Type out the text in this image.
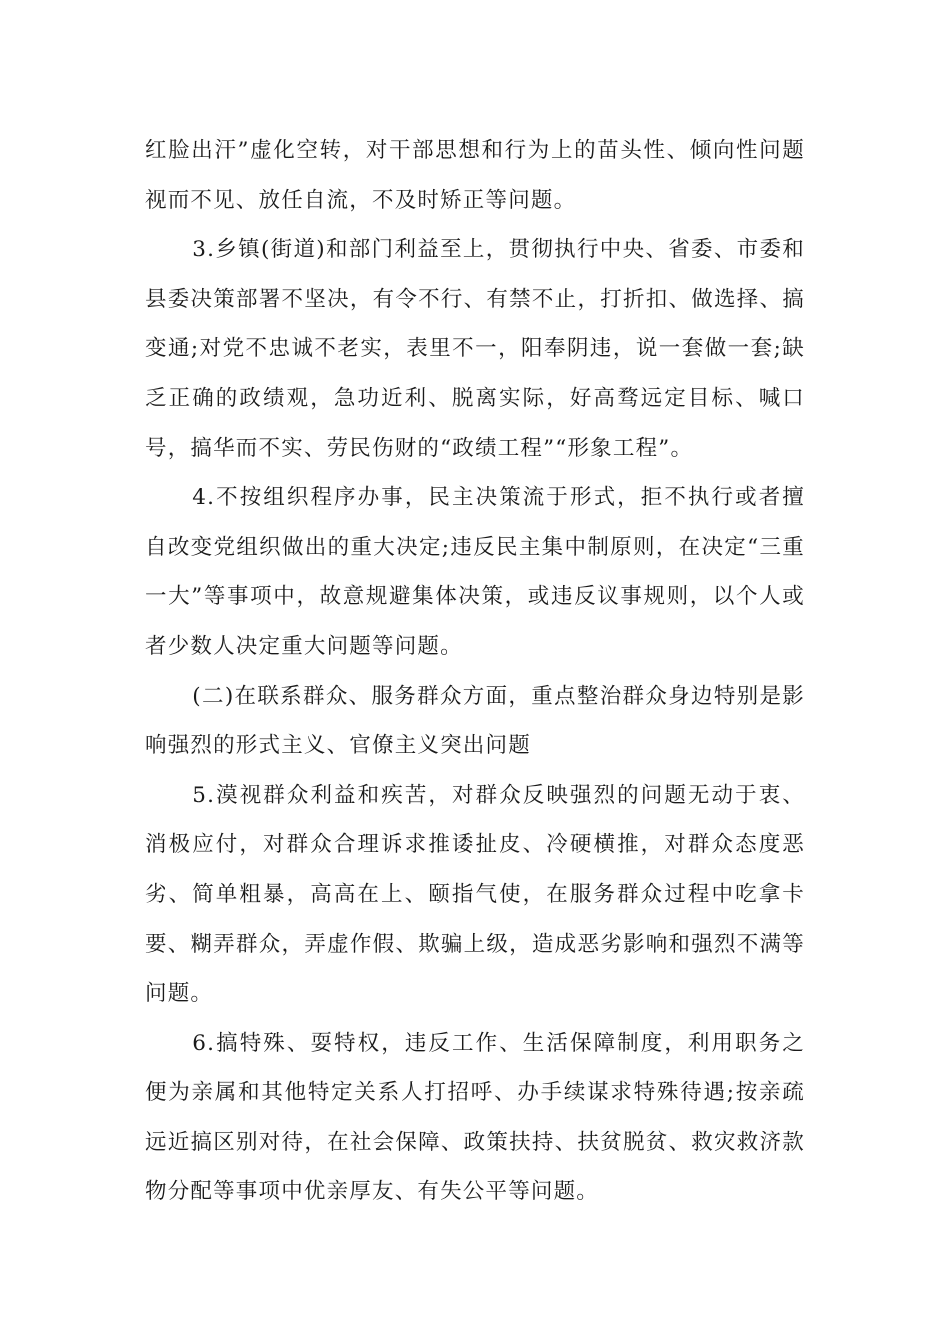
红脸出汗”虚化空转，对干部思想和行为上的苗头性、倾向性问题视而不见、放任自流，不及时矫正等问题。

3.乡镇(街道)和部门利益至上，贯彻执行中央、省委、市委和县委决策部署不坚决，有令不行、有禁不止，打折扣、做选择、搞变通;对党不忠诚不老实，表里不一，阳奉阴违，说一套做一套;缺乏正确的政绩观，急功近利、脱离实际，好高骛远定目标、喊口号，搞华而不实、劳民伤财的“政绩工程”“形象工程”。

4.不按组织程序办事，民主决策流于形式，拒不执行或者擅自改变党组织做出的重大决定;违反民主集中制原则，在决定“三重一大”等事项中，故意规避集体决策，或违反议事规则，以个人或者少数人决定重大问题等问题。

(二)在联系群众、服务群众方面，重点整治群众身边特别是影响强烈的形式主义、官僚主义突出问题

5.漠视群众利益和疾苦，对群众反映强烈的问题无动于衷、消极应付，对群众合理诉求推诿扯皮、冷硬横推，对群众态度恶劣、简单粗暴，高高在上、颐指气使，在服务群众过程中吃拿卡要、糊弄群众，弄虚作假、欺骗上级，造成恶劣影响和强烈不满等问题。

6.搞特殊、耍特权，违反工作、生活保障制度，利用职务之便为亲属和其他特定关系人打招呼、办手续谋求特殊待遇;按亲疏远近搞区别对待，在社会保障、政策扶持、扶贫脱贫、救灾救济款物分配等事项中优亲厚友、有失公平等问题。
